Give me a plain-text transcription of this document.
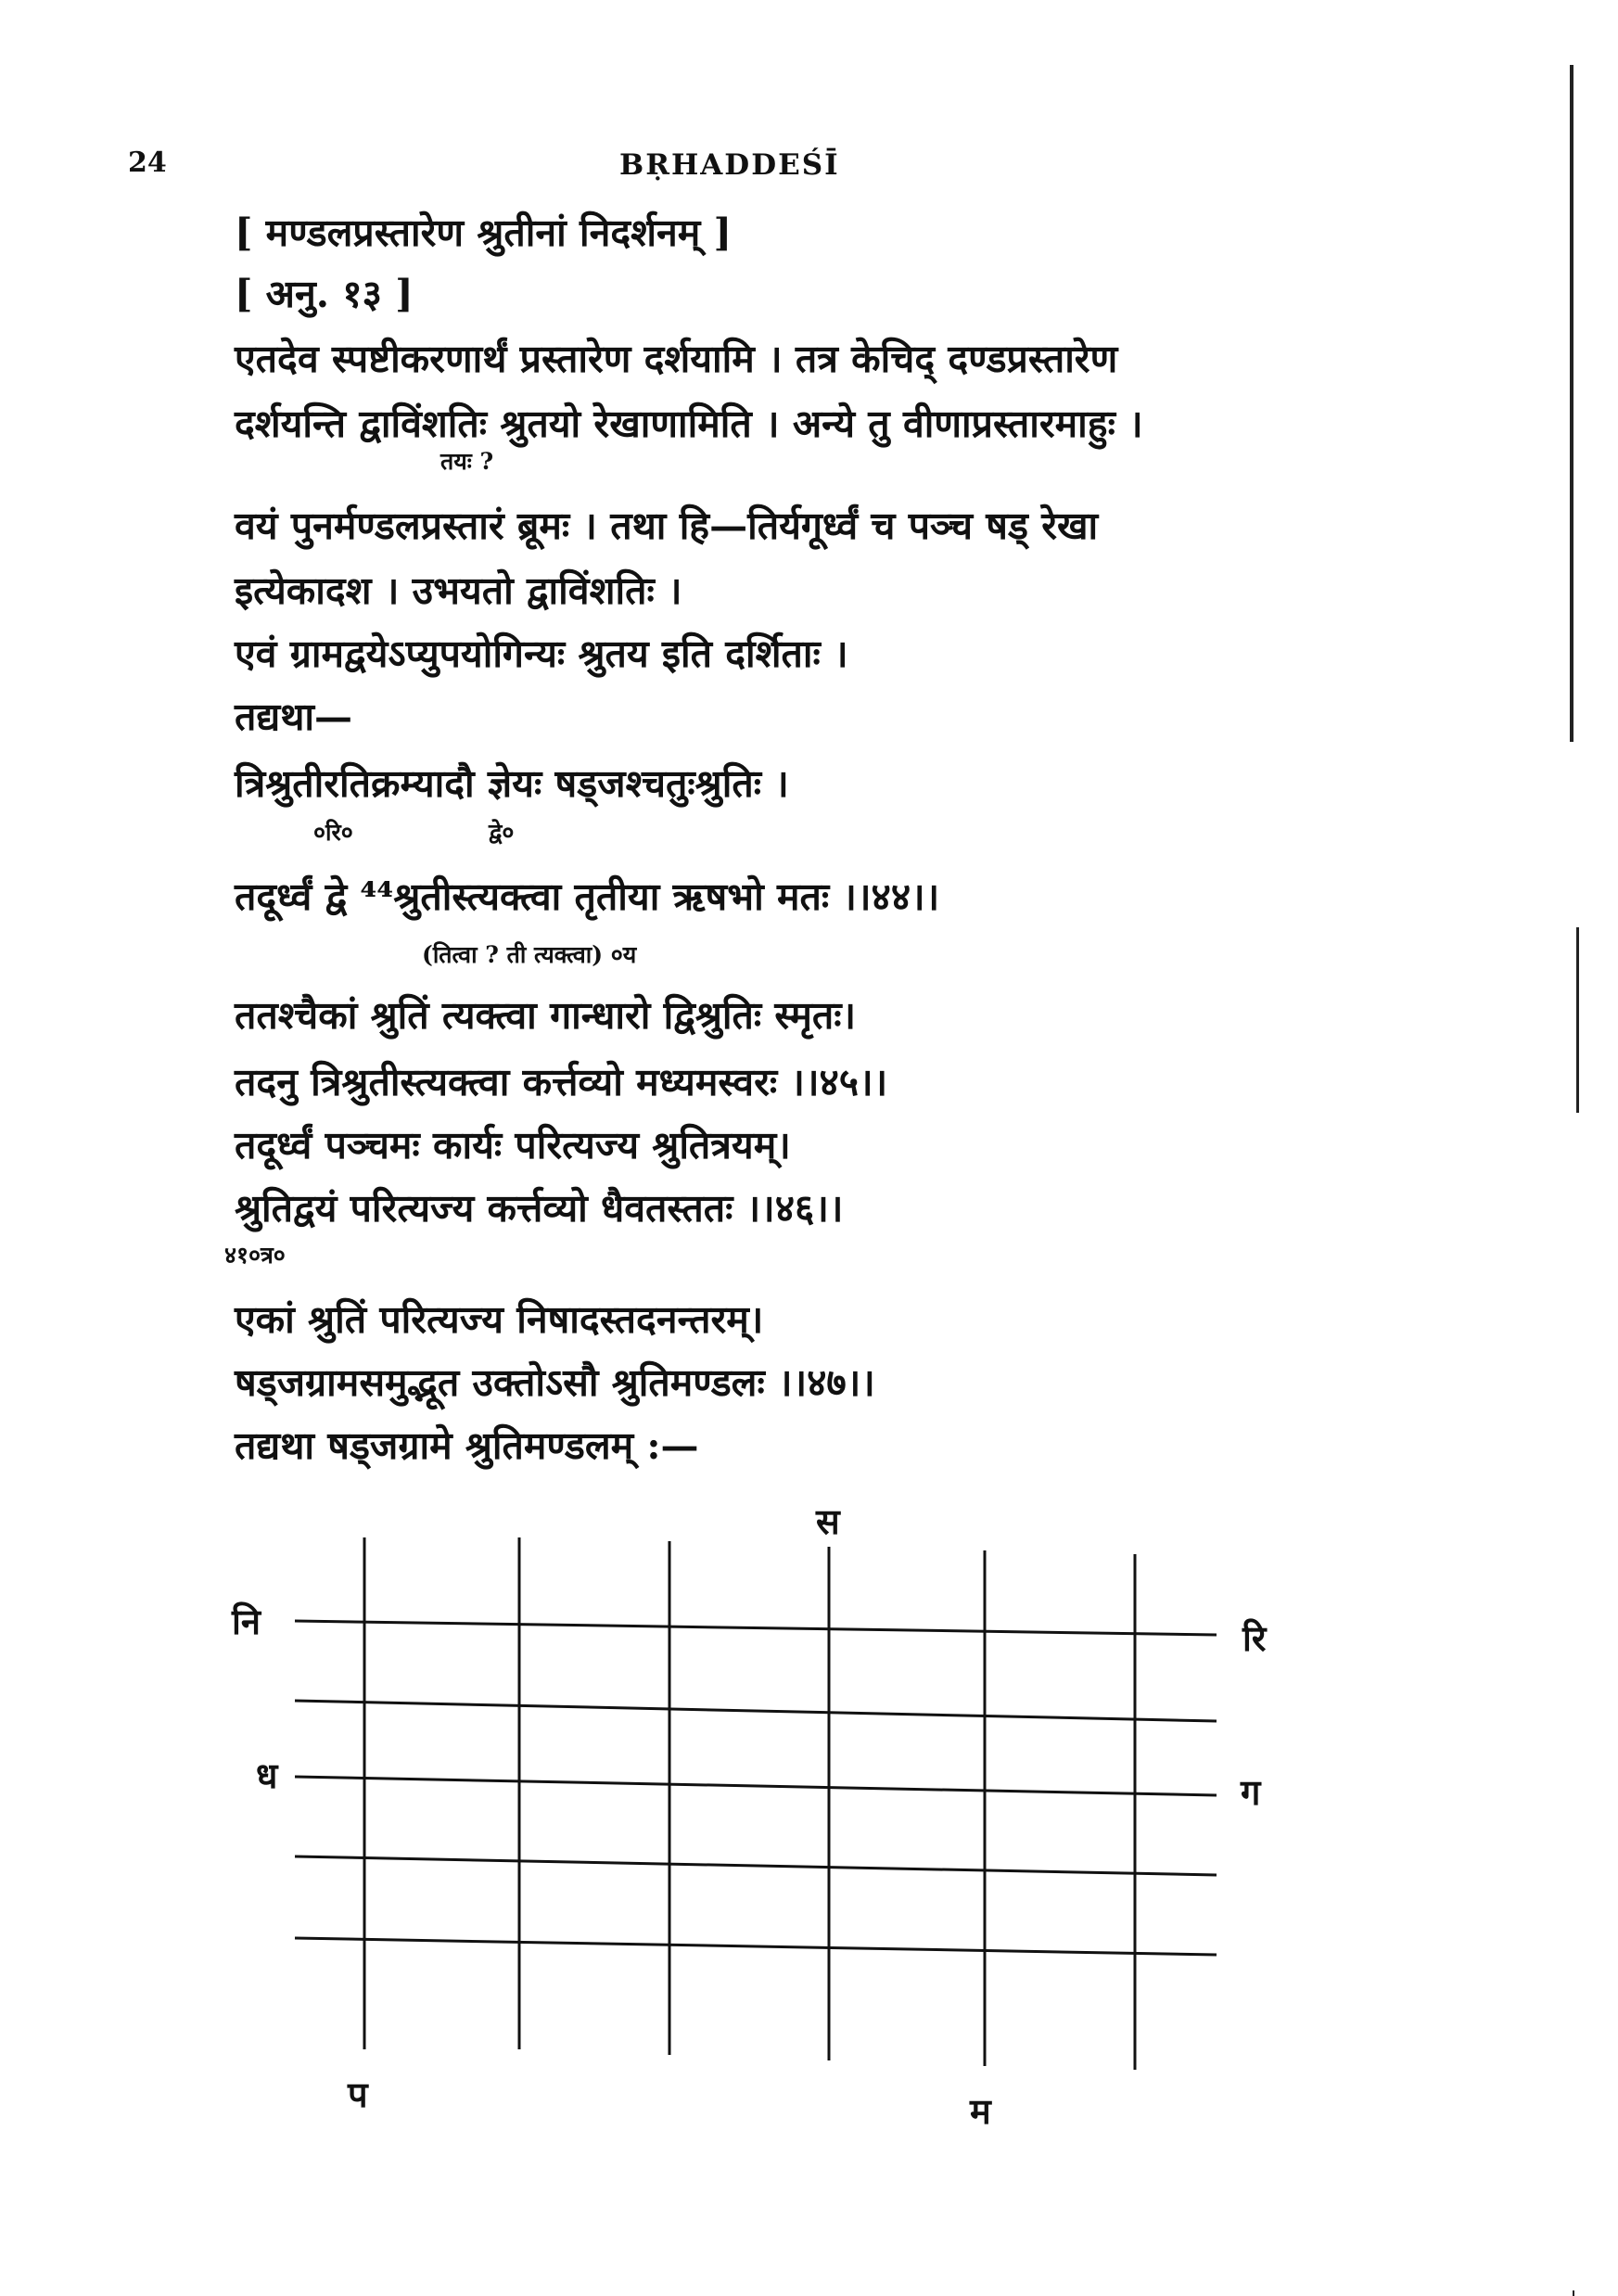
24	BṚHADDEŚĪ
[ मण्डलप्रस्तारेण श्रुतीनां निदर्शनम् ]
[ अनु. १३ ]
एतदेव स्पष्टीकरणार्थं प्रस्तारेण दर्शयामि । तत्र केचिद् दण्डप्रस्तारेण
दर्शयन्ति द्वाविंशतिः श्रुतयो रेखाणामिति । अन्ये तु वीणाप्रस्तारमाहुः ।
तयः ?
वयं पुनर्मण्डलप्रस्तारं ब्रूमः । तथा हि—तिर्यगूर्ध्वं च पञ्च षड् रेखा
इत्येकादश । उभयतो द्वाविंशतिः ।
एवं ग्रामद्वयेऽप्युपयोगिन्यः श्रुतय इति दर्शिताः ।
तद्यथा—
त्रिश्रुतीरतिक्रम्यादौ ज्ञेयः षड्जश्चतुःश्रुतिः ।
०रि०	द्वे०
तदूर्ध्वं द्वे ⁴⁴श्रुतीस्त्यक्त्वा तृतीया ऋषभो मतः ।।४४।।
(तित्वा ? ती त्यक्त्वा) ०य
ततश्चैकां श्रुतिं त्यक्त्वा गान्धारो द्विश्रुतिः स्मृतः।
तदनु त्रिश्रुतीस्त्यक्त्वा कर्त्तव्यो मध्यमस्वरः ।।४५।।
तदूर्ध्वं पञ्चमः कार्यः परित्यज्य श्रुतित्रयम्।
श्रुतिद्वयं परित्यज्य कर्त्तव्यो धैवतस्ततः ।।४६।।
४१०त्र०
एकां श्रुतिं परित्यज्य निषादस्तदनन्तरम्।
षड्जग्रामसमुद्भूत उक्तोऽसौ श्रुतिमण्डलः ।।४७।।
तद्यथा षड्जग्रामे श्रुतिमण्डलम् :—
स
नि	रि
ध	ग
प	म
